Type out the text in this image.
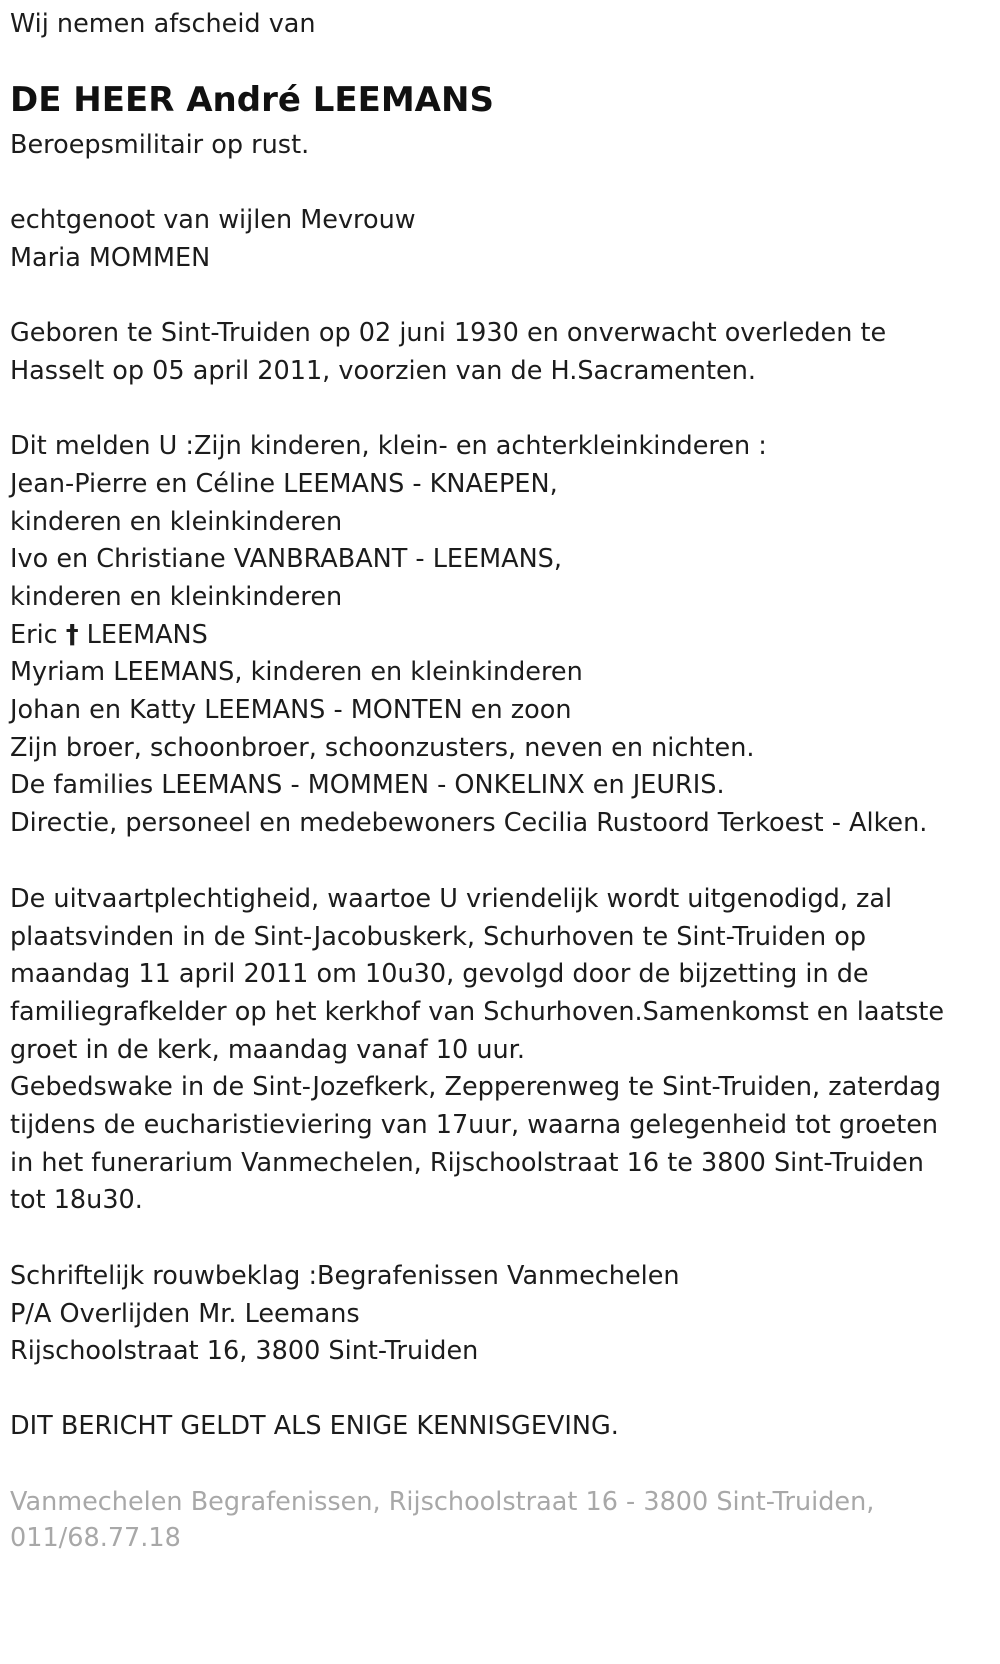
Wij nemen afscheid van

DE HEER André LEEMANS

Beroepsmilitair op rust.

echtgenoot van wijlen Mevrouw

Maria MOMMEN

Geboren te Sint-Truiden op 02 juni 1930 en onverwacht overleden te

Hasselt op 05 april 2011, voorzien van de H.Sacramenten.

Dit melden U :Zijn kinderen, klein- en achterkleinkinderen :

Jean-Pierre en Céline LEEMANS - KNAEPEN,

kinderen en kleinkinderen

Ivo en Christiane VANBRABANT - LEEMANS,

kinderen en kleinkinderen

Eric † LEEMANS

Myriam LEEMANS, kinderen en kleinkinderen

Johan en Katty LEEMANS - MONTEN en zoon

Zijn broer, schoonbroer, schoonzusters, neven en nichten.

De families LEEMANS - MOMMEN - ONKELINX en JEURIS.

Directie, personeel en medebewoners Cecilia Rustoord Terkoest - Alken.

De uitvaartplechtigheid, waartoe U vriendelijk wordt uitgenodigd, zal

plaatsvinden in de Sint-Jacobuskerk, Schurhoven te Sint-Truiden op

maandag 11 april 2011 om 10u30, gevolgd door de bijzetting in de

familiegrafkelder op het kerkhof van Schurhoven.Samenkomst en laatste

groet in de kerk, maandag vanaf 10 uur.

Gebedswake in de Sint-Jozefkerk, Zepperenweg te Sint-Truiden, zaterdag

tijdens de eucharistieviering van 17uur, waarna gelegenheid tot groeten

in het funerarium Vanmechelen, Rijschoolstraat 16 te 3800 Sint-Truiden

tot 18u30.

Schriftelijk rouwbeklag :Begrafenissen Vanmechelen

P/A Overlijden Mr. Leemans

Rijschoolstraat 16, 3800 Sint-Truiden

DIT BERICHT GELDT ALS ENIGE KENNISGEVING.

Vanmechelen Begrafenissen, Rijschoolstraat 16 - 3800 Sint-Truiden,

011/68.77.18
